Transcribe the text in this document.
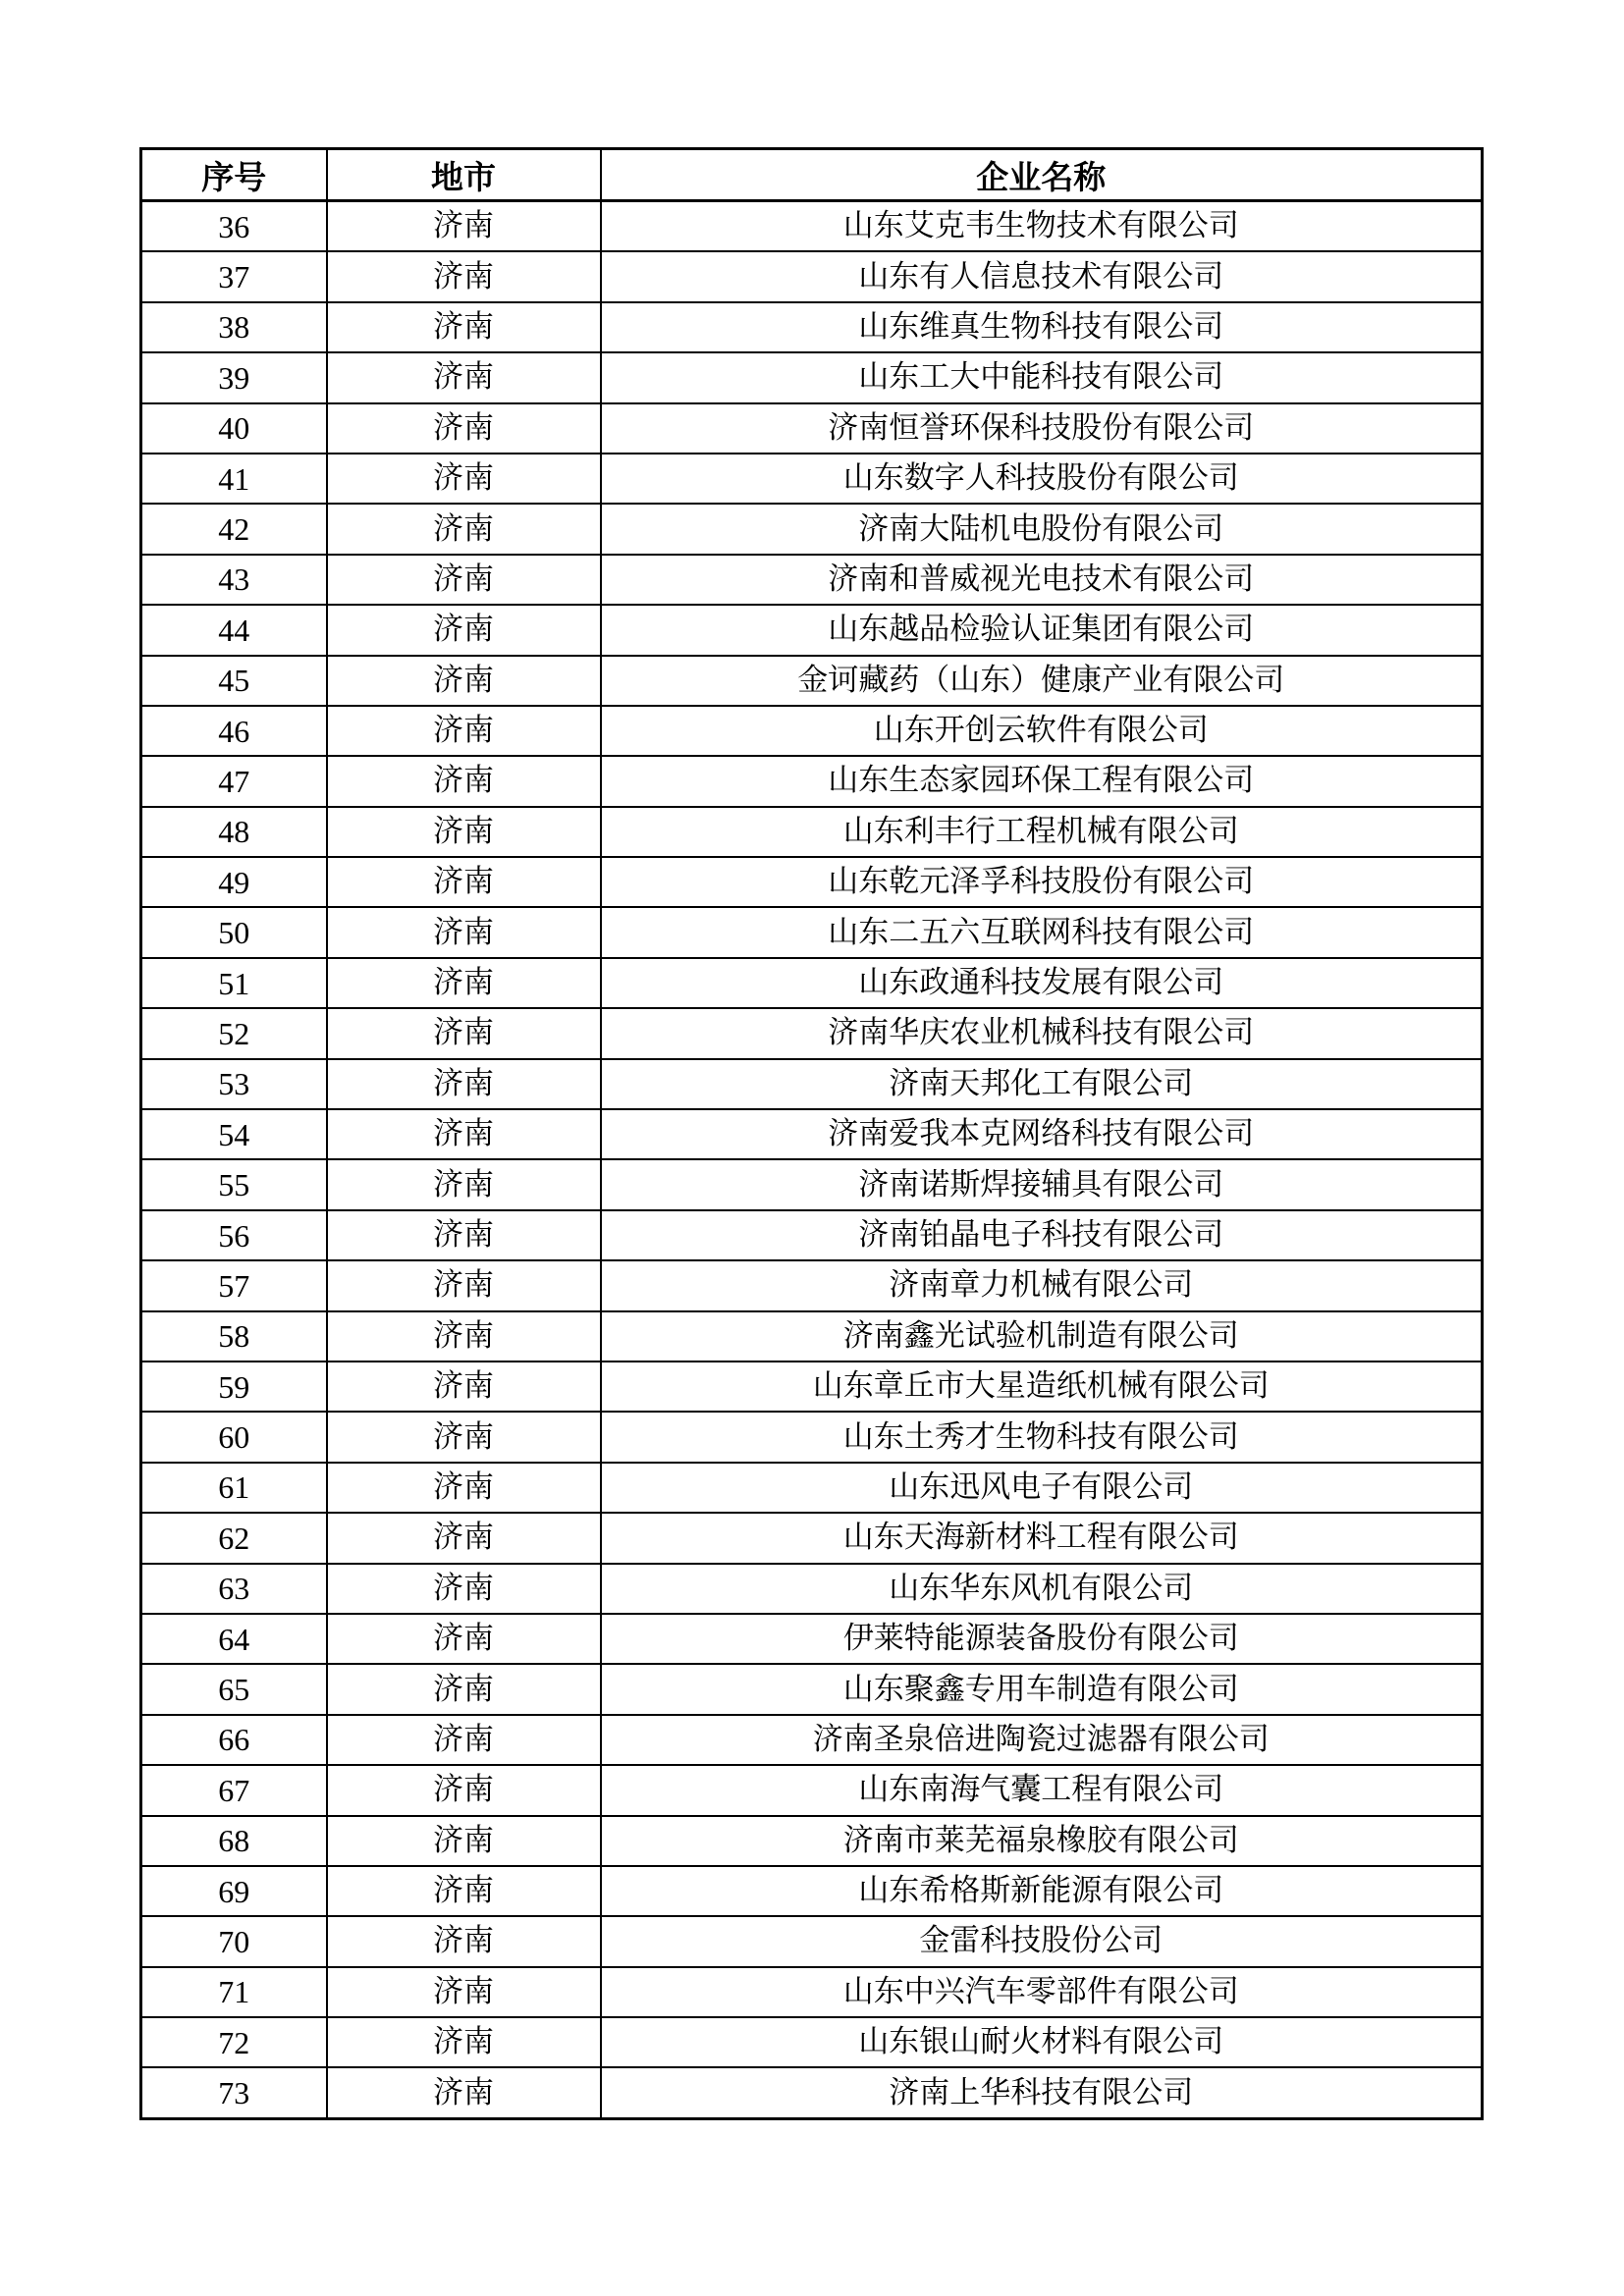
序号	地市	企业名称
36	济南	山东艾克韦生物技术有限公司
37	济南	山东有人信息技术有限公司
38	济南	山东维真生物科技有限公司
39	济南	山东工大中能科技有限公司
40	济南	济南恒誉环保科技股份有限公司
41	济南	山东数字人科技股份有限公司
42	济南	济南大陆机电股份有限公司
43	济南	济南和普威视光电技术有限公司
44	济南	山东越品检验认证集团有限公司
45	济南	金诃藏药（山东）健康产业有限公司
46	济南	山东开创云软件有限公司
47	济南	山东生态家园环保工程有限公司
48	济南	山东利丰行工程机械有限公司
49	济南	山东乾元泽孚科技股份有限公司
50	济南	山东二五六互联网科技有限公司
51	济南	山东政通科技发展有限公司
52	济南	济南华庆农业机械科技有限公司
53	济南	济南天邦化工有限公司
54	济南	济南爱我本克网络科技有限公司
55	济南	济南诺斯焊接辅具有限公司
56	济南	济南铂晶电子科技有限公司
57	济南	济南章力机械有限公司
58	济南	济南鑫光试验机制造有限公司
59	济南	山东章丘市大星造纸机械有限公司
60	济南	山东土秀才生物科技有限公司
61	济南	山东迅风电子有限公司
62	济南	山东天海新材料工程有限公司
63	济南	山东华东风机有限公司
64	济南	伊莱特能源装备股份有限公司
65	济南	山东聚鑫专用车制造有限公司
66	济南	济南圣泉倍进陶瓷过滤器有限公司
67	济南	山东南海气囊工程有限公司
68	济南	济南市莱芜福泉橡胶有限公司
69	济南	山东希格斯新能源有限公司
70	济南	金雷科技股份公司
71	济南	山东中兴汽车零部件有限公司
72	济南	山东银山耐火材料有限公司
73	济南	济南上华科技有限公司
